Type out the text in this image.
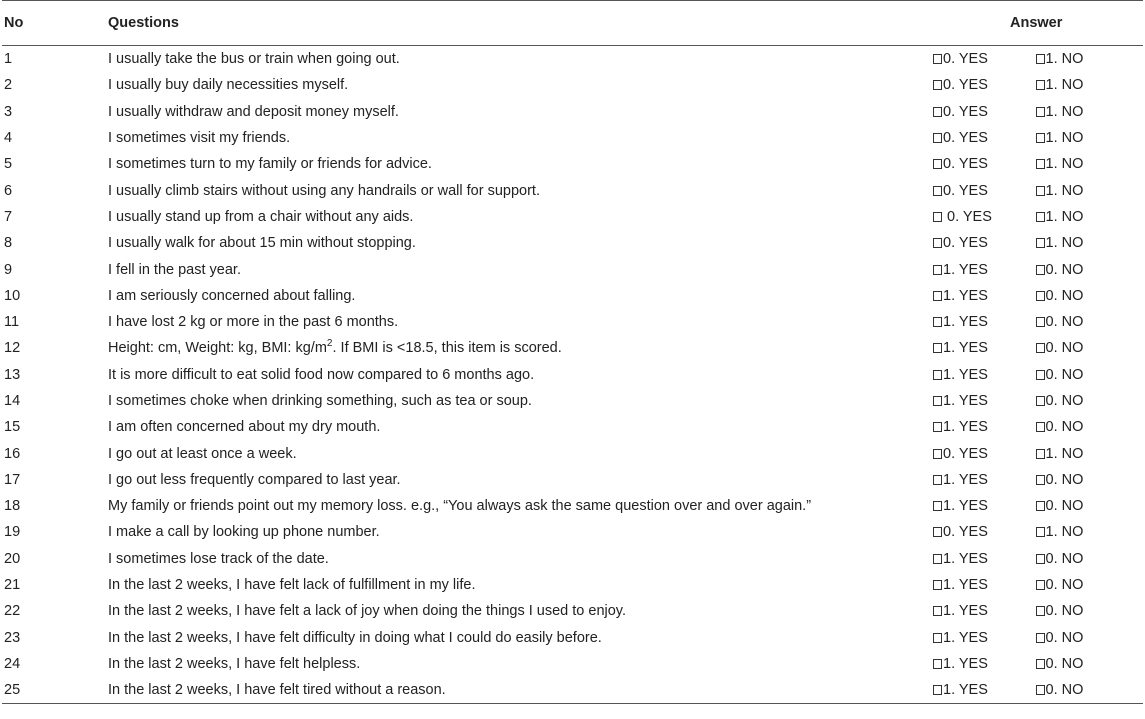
No	Questions	Answer	
1	I usually take the bus or train when going out.	0. YES	1. NO
2	I usually buy daily necessities myself.	0. YES	1. NO
3	I usually withdraw and deposit money myself.	0. YES	1. NO
4	I sometimes visit my friends.	0. YES	1. NO
5	I sometimes turn to my family or friends for advice.	0. YES	1. NO
6	I usually climb stairs without using any handrails or wall for support.	0. YES	1. NO
7	I usually stand up from a chair without any aids.	0. YES	1. NO
8	I usually walk for about 15 min without stopping.	0. YES	1. NO
9	I fell in the past year.	1. YES	0. NO
10	I am seriously concerned about falling.	1. YES	0. NO
11	I have lost 2 kg or more in the past 6 months.	1. YES	0. NO
12	Height: cm, Weight: kg, BMI: $kg/m^2$. If BMI is <18.5, this item is scored.	1. YES	0. NO
13	It is more difficult to eat solid food now compared to 6 months ago.	1. YES	0. NO
14	I sometimes choke when drinking something, such as tea or soup.	1. YES	0. NO
15	I am often concerned about my dry mouth.	1. YES	0. NO
16	I go out at least once a week.	0. YES	1. NO
17	I go out less frequently compared to last year.	1. YES	0. NO
18	My family or friends point out my memory loss. e.g., “You always ask the same question over and over again.”	1. YES	0. NO
19	I make a call by looking up phone number.	0. YES	1. NO
20	I sometimes lose track of the date.	1. YES	0. NO
21	In the last 2 weeks, I have felt lack of fulfillment in my life.	1. YES	0. NO
22	In the last 2 weeks, I have felt a lack of joy when doing the things I used to enjoy.	1. YES	0. NO
23	In the last 2 weeks, I have felt difficulty in doing what I could do easily before.	1. YES	0. NO
24	In the last 2 weeks, I have felt helpless.	1. YES	0. NO
25	In the last 2 weeks, I have felt tired without a reason.	1. YES	0. NO
